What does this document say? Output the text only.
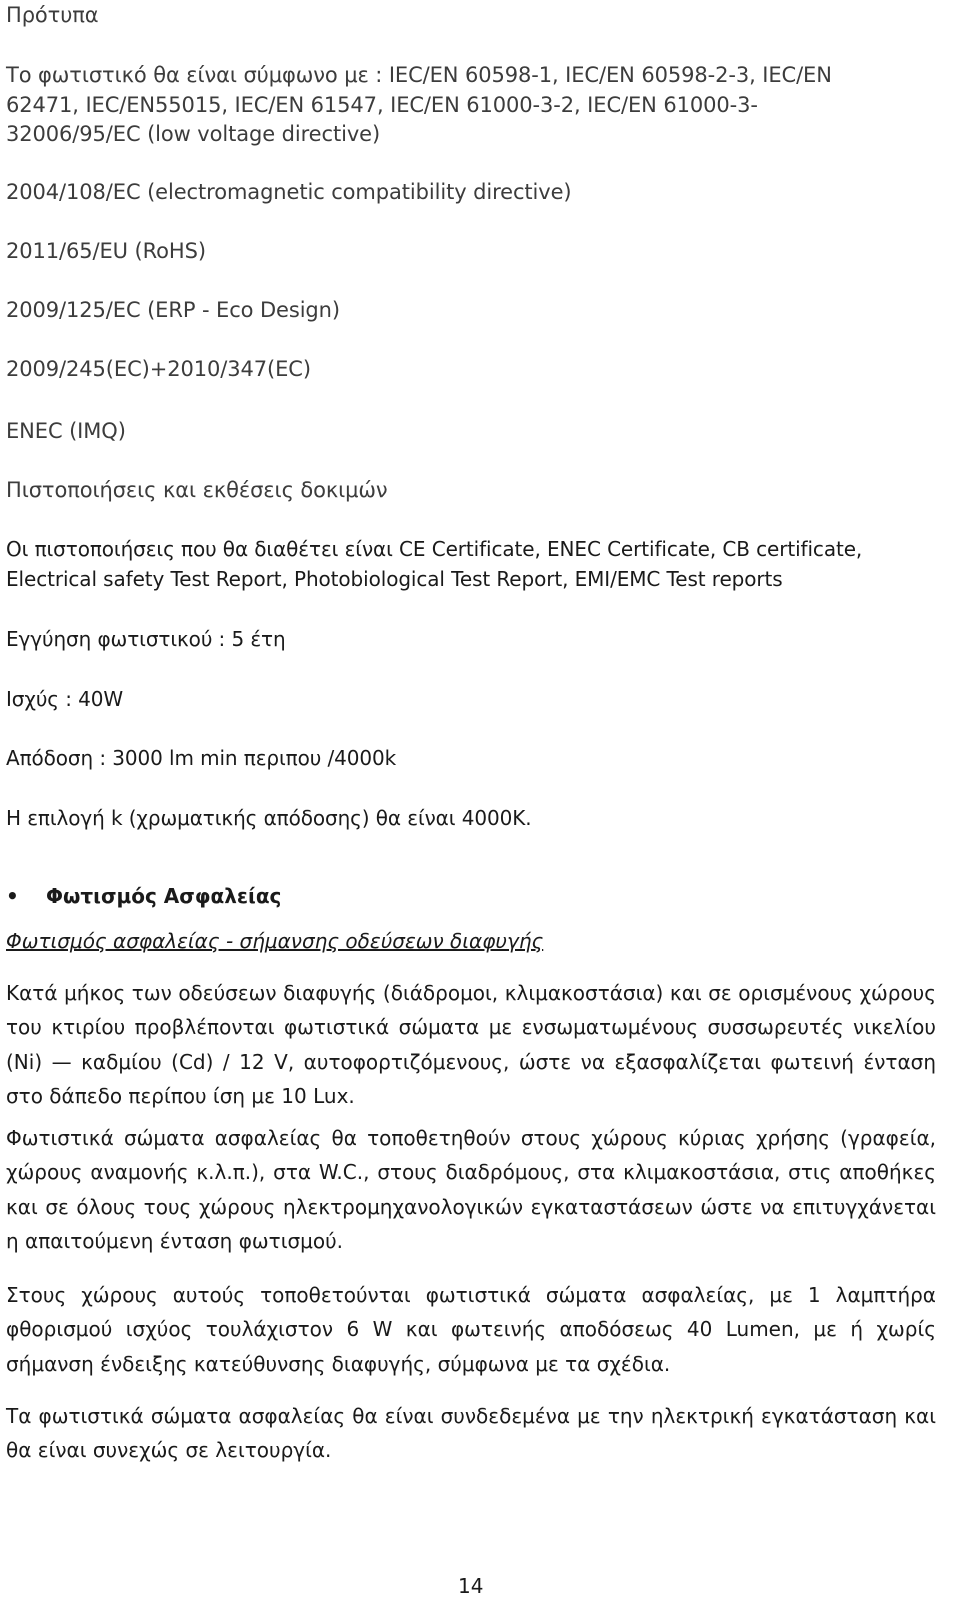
Πρότυπα
Το φωτιστικό θα είναι σύμφωνο με : IEC/EN 60598-1, IEC/EN 60598-2-3, IEC/EN
62471, IEC/EN55015, IEC/EN 61547, IEC/EN 61000-3-2, IEC/EN 61000-3-
32006/95/EC (low voltage directive)
2004/108/EC (electromagnetic compatibility directive)
2011/65/EU (RoHS)
2009/125/EC (ERP - Eco Design)
2009/245(EC)+2010/347(EC)
ENEC (IMQ)
Πιστοποιήσεις και εκθέσεις δοκιμών
Οι πιστοποιήσεις που θα διαθέτει είναι CE Certificate, ENEC Certificate, CB certificate,
Electrical safety Test Report, Photobiological Test Report, EMI/EMC Test reports
Εγγύηση φωτιστικού : 5 έτη
Ισχύς : 40W
Απόδοση : 3000 lm min περιπου /4000k
Η επιλογή k (χρωματικής απόδοσης) θα είναι 4000K.
• Φωτισμός Ασφαλείας
Φωτισμός ασφαλείας - σήμανσης οδεύσεων διαφυγής
Κατά μήκος των οδεύσεων διαφυγής (διάδρομοι, κλιμακοστάσια) και σε ορισμένους χώρους του κτιρίου προβλέπονται φωτιστικά σώματα με ενσωματωμένους συσσωρευτές νικελίου (Ni) — καδμίου (Cd) / 12 V, αυτοφορτιζόμενους, ώστε να εξασφαλίζεται φωτεινή ένταση στο δάπεδο περίπου ίση με 10 Lux.
Φωτιστικά σώματα ασφαλείας θα τοποθετηθούν στους χώρους κύριας χρήσης (γραφεία, χώρους αναμονής κ.λ.π.), στα W.C., στους διαδρόμους, στα κλιμακοστάσια, στις αποθήκες και σε όλους τους χώρους ηλεκτρομηχανολογικών εγκαταστάσεων ώστε να επιτυγχάνεται η απαιτούμενη ένταση φωτισμού.
Στους χώρους αυτούς τοποθετούνται φωτιστικά σώματα ασφαλείας, με 1 λαμπτήρα φθορισμού ισχύος τουλάχιστον 6 W και φωτεινής αποδόσεως 40 Lumen, με ή χωρίς σήμανση ένδειξης κατεύθυνσης διαφυγής, σύμφωνα με τα σχέδια.
Τα φωτιστικά σώματα ασφαλείας θα είναι συνδεδεμένα με την ηλεκτρική εγκατάσταση και θα είναι συνεχώς σε λειτουργία.
14
